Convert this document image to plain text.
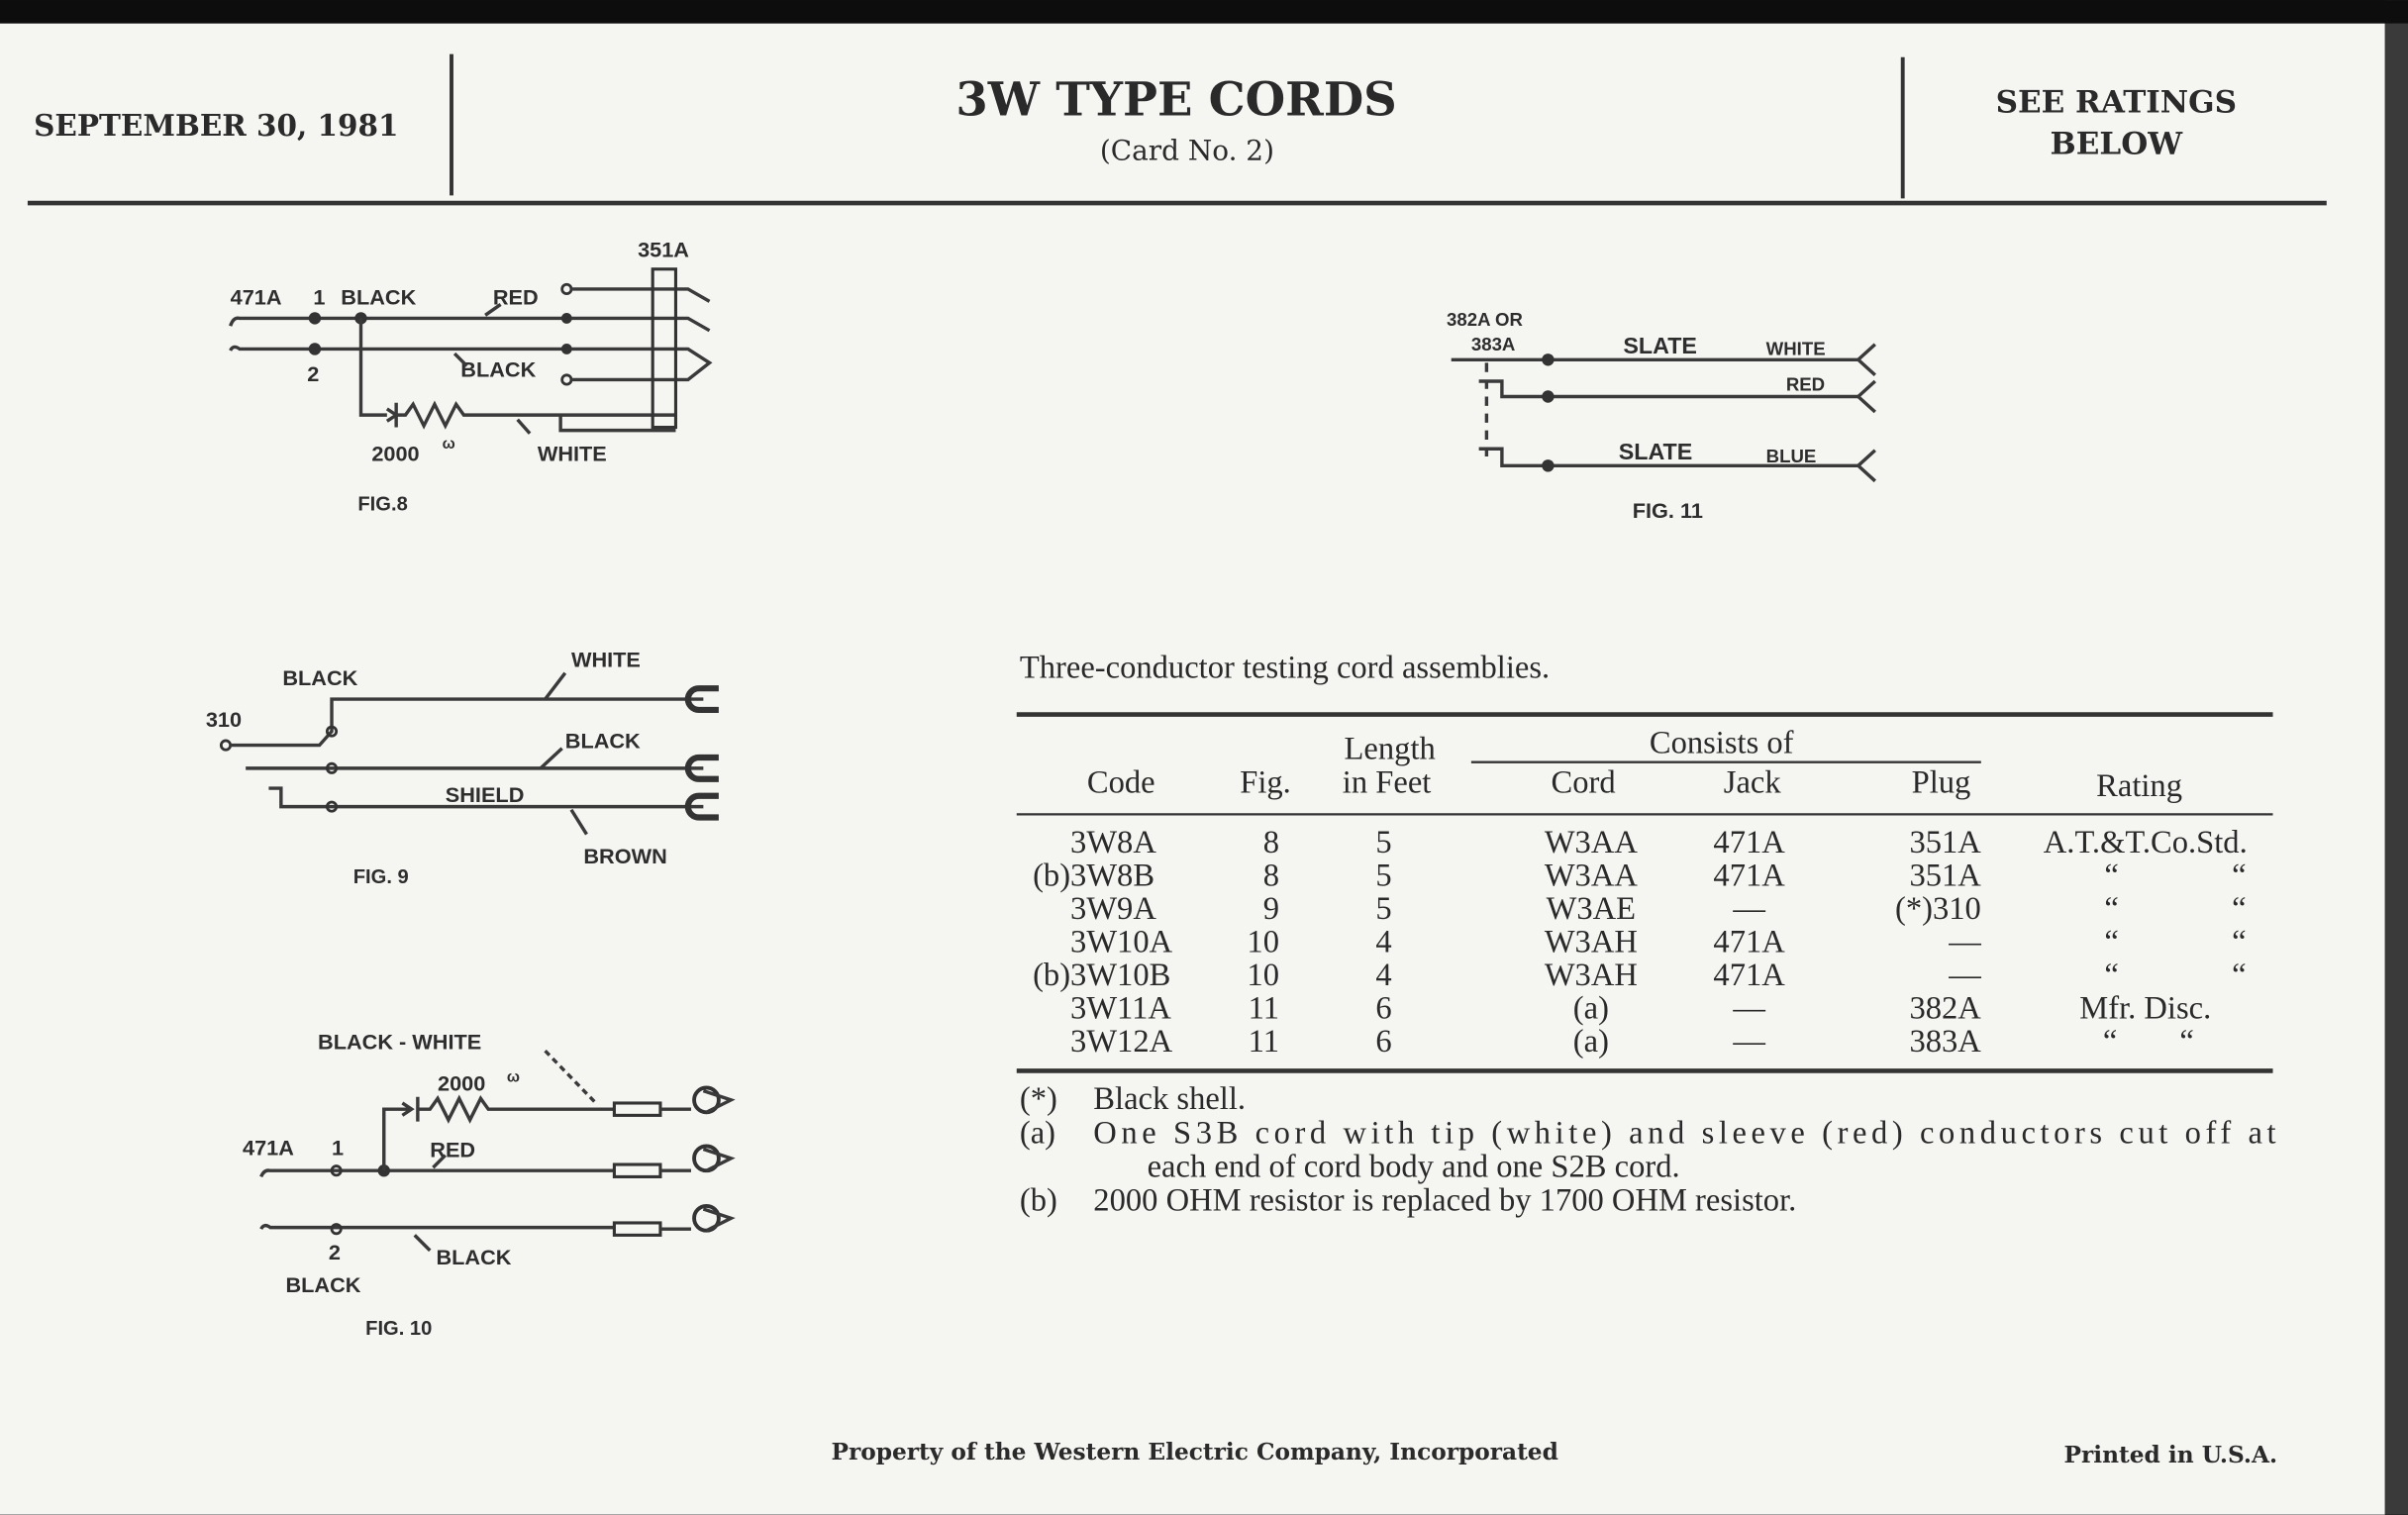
SEPTEMBER 30, 1981	3W TYPE CORDS
(Card No. 2)
SEE RATINGS
BELOW
351A
471A 1 BLACK	RED
2	BLACK
2000 ω	WHITE
FIG.8
310
BLACK
WHITE
BLACK
SHIELD
BROWN
FIG. 9
BLACK - WHITE
2000 ω
471A	1	RED
2	BLACK
BLACK
FIG. 10
382A OR
383A	SLATE	WHITE
RED
SLATE	BLUE
FIG. 11
Three-conductor testing cord assemblies.
Code	Fig.
Length
in Feet
Consists of
Cord	Jack	Plug	Rating
3W8A	8	5	W3AA	471A	351A	A.T.&T.Co.Std.
(b) 3W8B	8	5	W3AA	471A	351A	“	“
3W9A	9	5	W3AE	—	(*)310	“	“
3W10A	10	4	W3AH	471A	—	“	“
(b) 3W10B	10	4	W3AH	471A	—	“	“
3W11A	11	6	(a)	—	382A	Mfr. Disc.
3W12A	11	6	(a)	—	383A	“	“
(*) Black shell.
(a) One S3B cord with tip (white) and sleeve (red) conductors cut off at
each end of cord body and one S2B cord.
(b) 2000 OHM resistor is replaced by 1700 OHM resistor.
Property of the Western Electric Company, Incorporated	Printed in U.S.A.
